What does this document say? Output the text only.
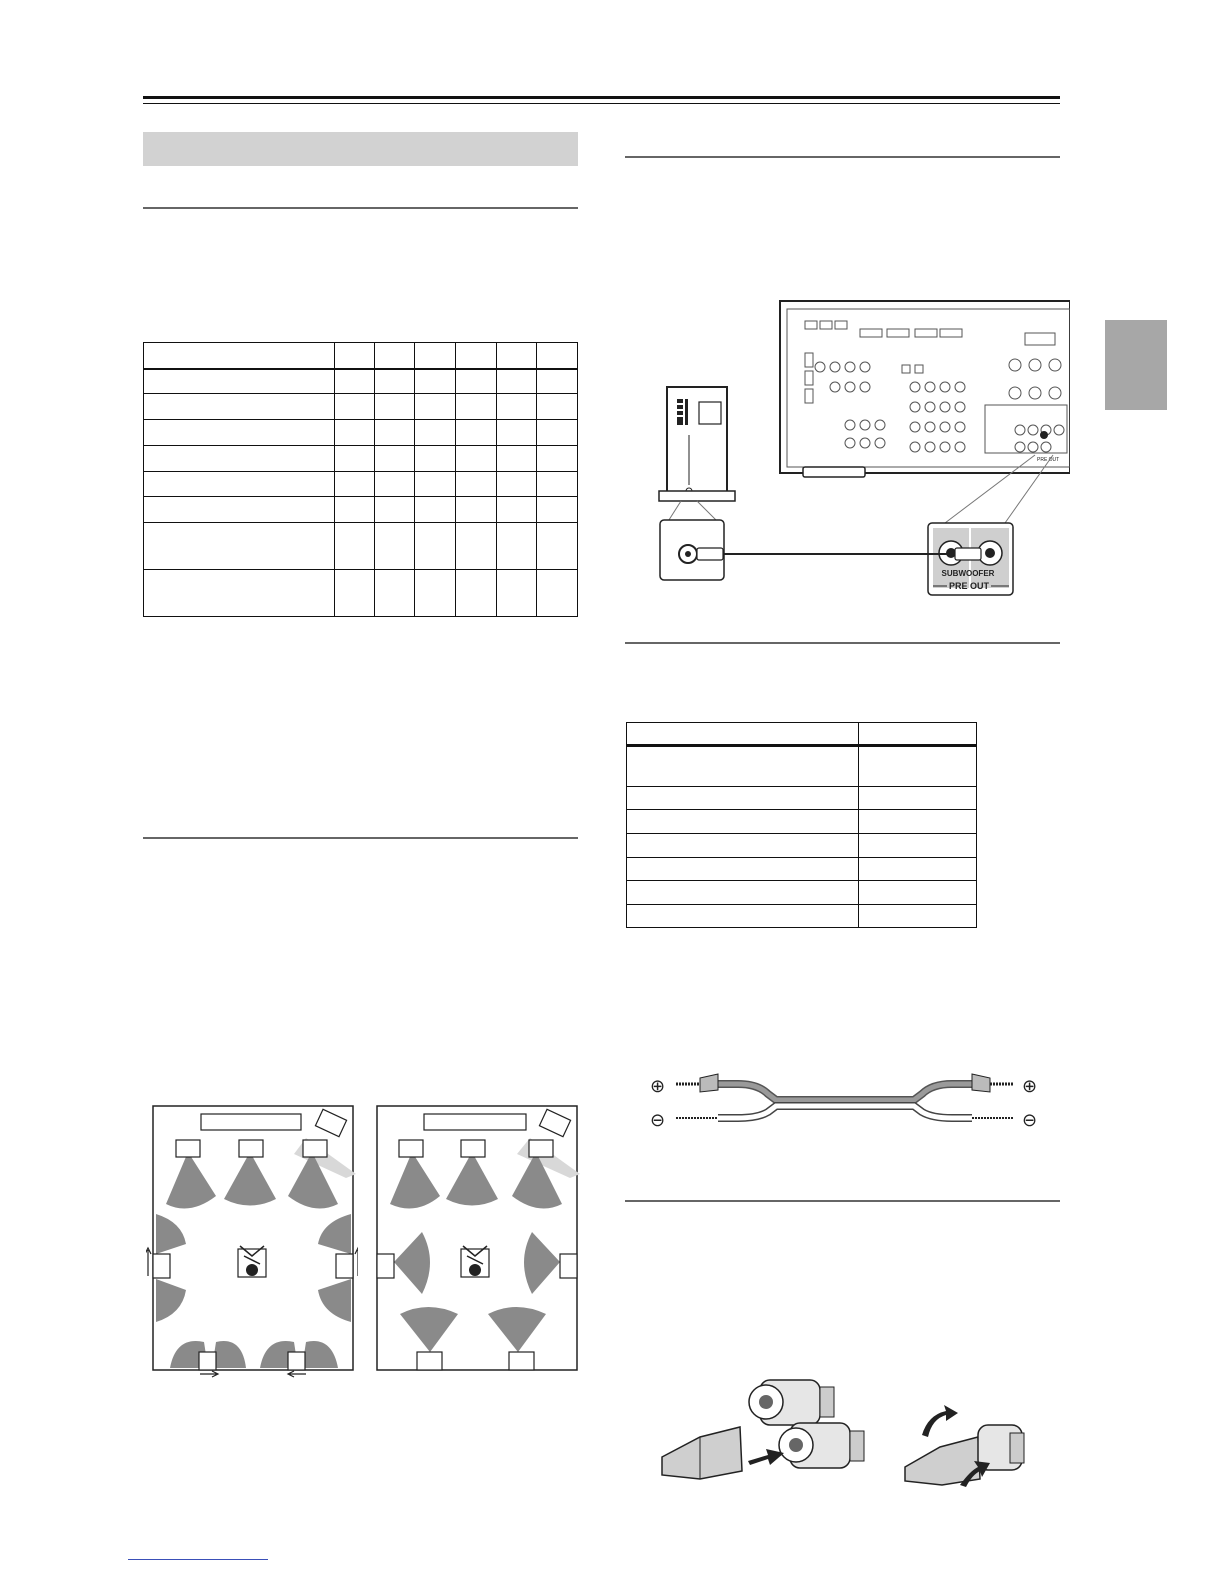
PRE OUT
SUBWOOFER
PRE OUT
⊕
⊖
⊕
⊖
